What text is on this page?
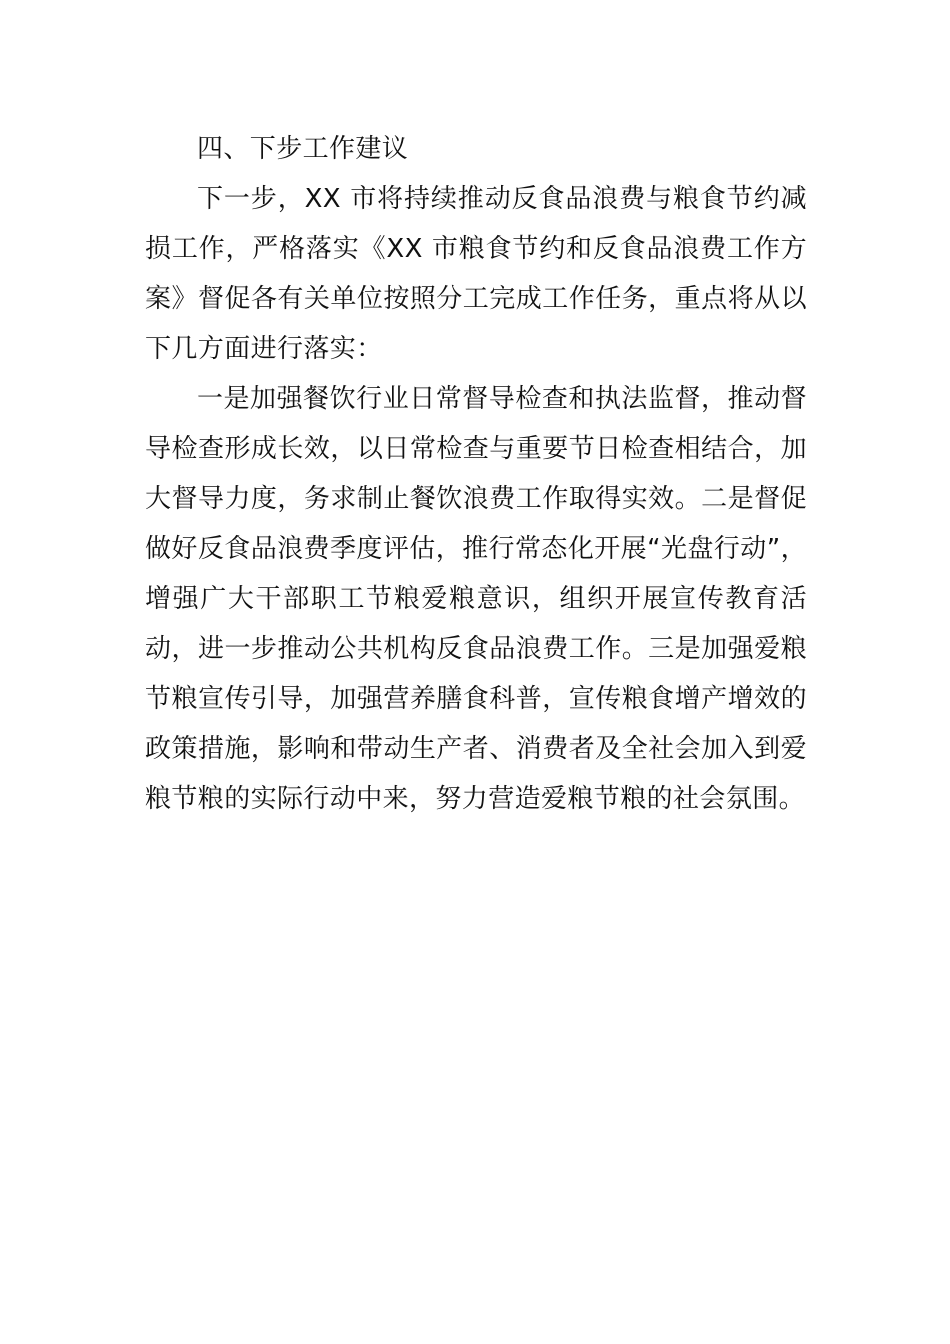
四、下步工作建议

下一步，XX 市将持续推动反食品浪费与粮食节约减损工作，严格落实《XX 市粮食节约和反食品浪费工作方案》督促各有关单位按照分工完成工作任务，重点将从以下几方面进行落实：

一是加强餐饮行业日常督导检查和执法监督，推动督导检查形成长效，以日常检查与重要节日检查相结合，加大督导力度，务求制止餐饮浪费工作取得实效。二是督促做好反食品浪费季度评估，推行常态化开展“光盘行动”，增强广大干部职工节粮爱粮意识，组织开展宣传教育活动，进一步推动公共机构反食品浪费工作。三是加强爱粮节粮宣传引导，加强营养膳食科普，宣传粮食增产增效的政策措施，影响和带动生产者、消费者及全社会加入到爱粮节粮的实际行动中来，努力营造爱粮节粮的社会氛围。
